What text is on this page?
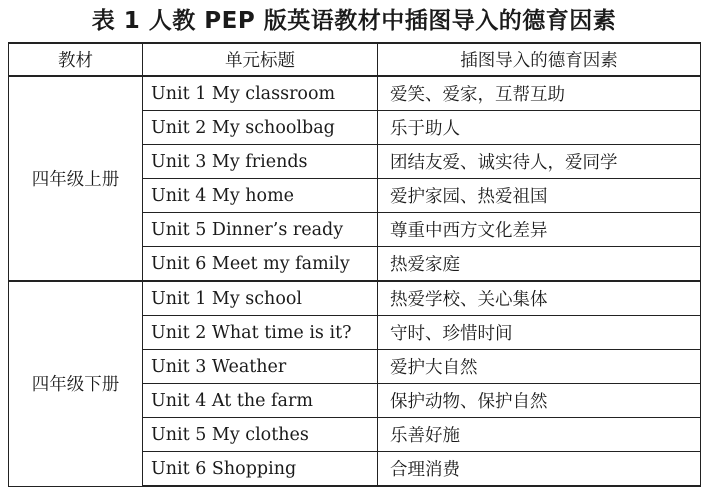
表 1 人教 PEP 版英语教材中插图导入的德育因素
教材	单元标题	插图导入的德育因素
四年级上册	Unit 1 My classroom	爱笑、爱家，互帮互助
	Unit 2 My schoolbag	乐于助人
	Unit 3 My friends	团结友爱、诚实待人，爱同学
	Unit 4 My home	爱护家园、热爱祖国
	Unit 5 Dinner’s ready	尊重中西方文化差异
	Unit 6 Meet my family	热爱家庭
四年级下册	Unit 1 My school	热爱学校、关心集体
	Unit 2 What time is it?	守时、珍惜时间
	Unit 3 Weather	爱护大自然
	Unit 4 At the farm	保护动物、保护自然
	Unit 5 My clothes	乐善好施
	Unit 6 Shopping	合理消费
